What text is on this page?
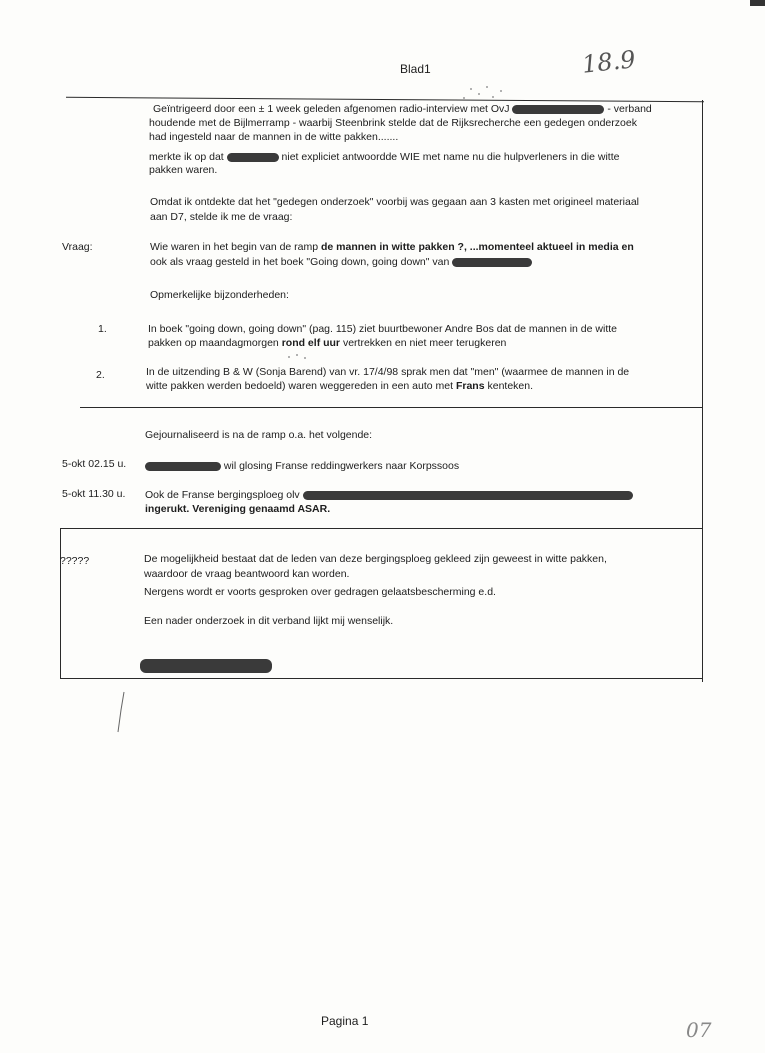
Blad1	18.9
Geïntrigeerd door een ± 1 week geleden afgenomen radio-interview met OvJ	- verband
houdende met de Bijlmerramp - waarbij Steenbrink stelde dat de Rijksrecherche een gedegen onderzoek
had ingesteld naar de mannen in de witte pakken.......
merkte ik op dat	niet expliciet antwoordde WIE met name nu die hulpverleners in die witte
pakken waren.
Omdat ik ontdekte dat het "gedegen onderzoek" voorbij was gegaan aan 3 kasten met origineel materiaal
aan D7, stelde ik me de vraag:
Vraag:	Wie waren in het begin van de ramp de mannen in witte pakken ?, ...momenteel aktueel in media en
ook als vraag gesteld in het boek "Going down, going down" van
Opmerkelijke bijzonderheden:
1.	In boek "going down, going down" (pag. 115) ziet buurtbewoner Andre Bos dat de mannen in de witte
pakken op maandagmorgen rond elf uur vertrekken en niet meer terugkeren
2.	In de uitzending B & W (Sonja Barend) van vr. 17/4/98 sprak men dat "men" (waarmee de mannen in de
witte pakken werden bedoeld) waren weggereden in een auto met Frans kenteken.
Gejournaliseerd is na de ramp o.a. het volgende:
5-okt 02.15 u.	wil glosing Franse reddingwerkers naar Korpssoos
5-okt 11.30 u. Ook de Franse bergingsploeg olv
ingerukt. Vereniging genaamd ASAR.
?????	De mogelijkheid bestaat dat de leden van deze bergingsploeg gekleed zijn geweest in witte pakken,
waardoor de vraag beantwoord kan worden.
Nergens wordt er voorts gesproken over gedragen gelaatsbescherming e.d.
Een nader onderzoek in dit verband lijkt mij wenselijk.
Pagina 1	07
